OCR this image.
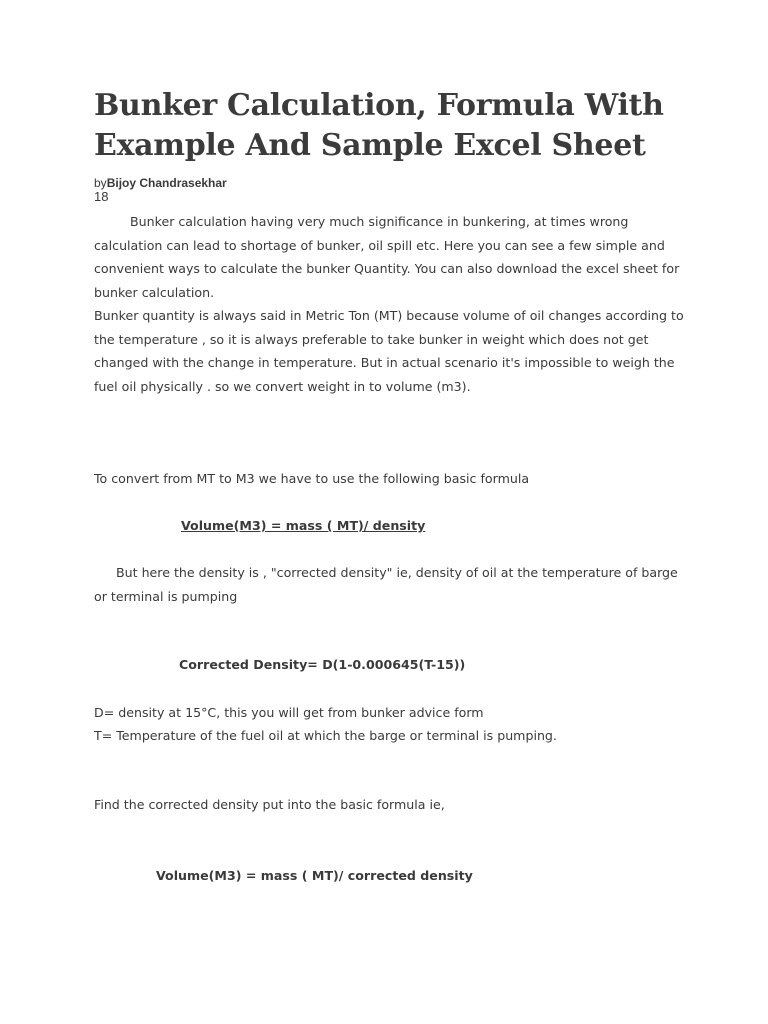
Bunker Calculation, Formula With Example And Sample Excel Sheet
byBijoy Chandrasekhar
18

Bunker calculation having very much significance in bunkering, at times wrong calculation can lead to shortage of bunker, oil spill etc. Here you can see a few simple and convenient ways to calculate the bunker Quantity. You can also download the excel sheet for bunker calculation.

Bunker quantity is always said in Metric Ton (MT) because volume of oil changes according to the temperature , so it is always preferable to take bunker in weight which does not get changed with the change in temperature. But in actual scenario it's impossible to weigh the fuel oil physically . so we convert weight in to volume (m3).

To convert from MT to M3 we have to use the following basic formula

Volume(M3) = mass ( MT)/ density

But here the density is , "corrected density" ie, density of oil at the temperature of barge or terminal is pumping

Corrected Density= D(1-0.000645(T-15))

D= density at 15°C, this you will get from bunker advice form

T= Temperature of the fuel oil at which the barge or terminal is pumping.

Find the corrected density put into the basic formula ie,

Volume(M3) = mass ( MT)/ corrected density
